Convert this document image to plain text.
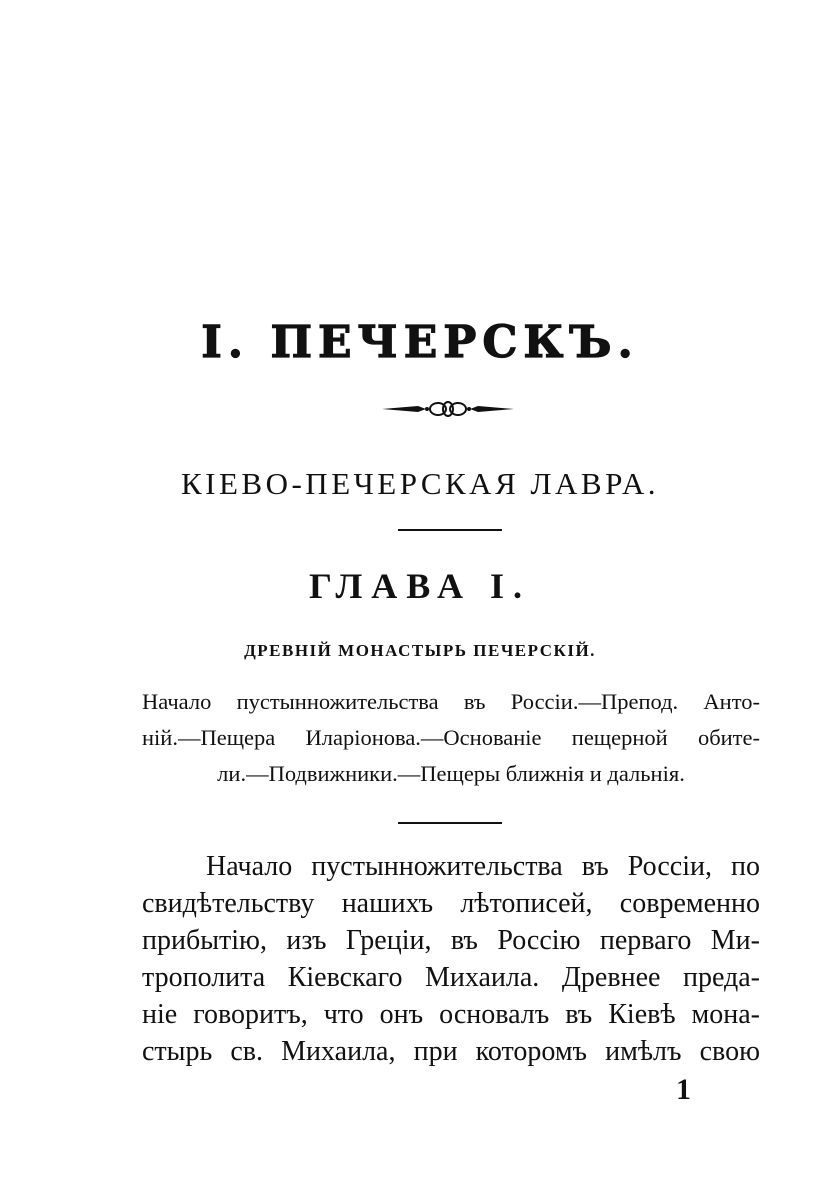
I. ПЕЧЕРСКЪ.
КІЕВО-ПЕЧЕРСКАЯ ЛАВРА.
ГЛАВА I.
ДРЕВНІЙ МОНАСТЫРЬ ПЕЧЕРСКІЙ.
Начало пустынножительства въ Россіи.—Препод. Анто-
ній.—Пещера Иларіонова.—Основаніе пещерной обите-
ли.—Подвижники.—Пещеры ближнія и дальнія.
Начало пустынножительства въ Россіи, по
свидѣтельству нашихъ лѣтописей, современно
прибытію, изъ Греціи, въ Россію перваго Ми-
трополита Кіевскаго Михаила. Древнее преда-
ніе говоритъ, что онъ основалъ въ Кіевѣ мона-
стырь св. Михаила, при которомъ имѣлъ свою
1
